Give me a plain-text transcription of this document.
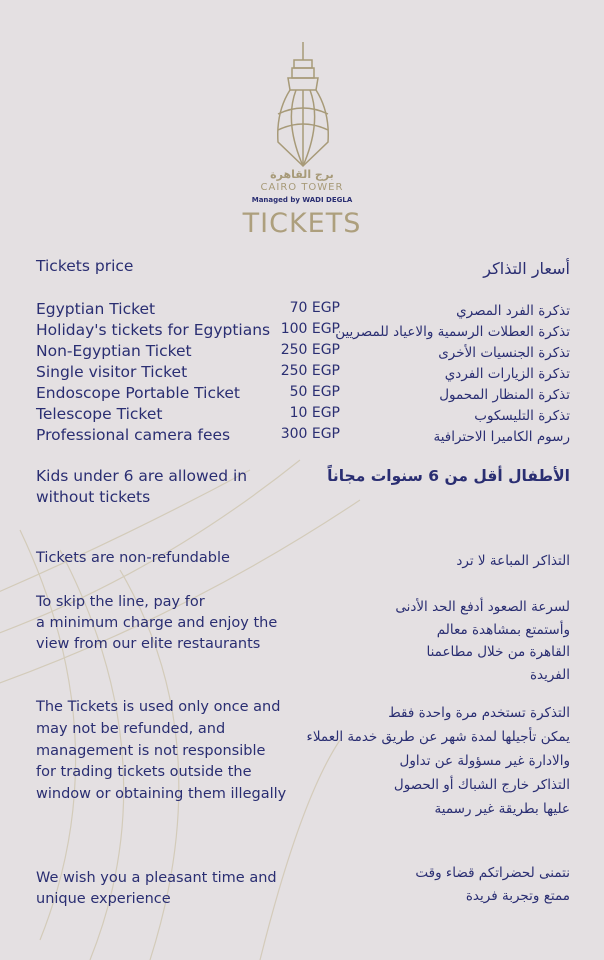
برج القاهرة
CAIRO TOWER
Managed by WADI DEGLA
TICKETS
Tickets price	أسعار التذاكر
Egyptian Ticket
Holiday's tickets for Egyptians
Non-Egyptian Ticket
Single visitor Ticket
Endoscope Portable Ticket
Telescope Ticket
Professional camera fees
70 EGP
100 EGP
250 EGP
250 EGP
50 EGP
10 EGP
300 EGP
تذكرة الفرد المصري
تذكرة العطلات الرسمية والاعياد للمصريين
تذكرة الجنسيات الأخرى
تذكرة الزيارات الفردي
تذكرة المنظار المحمول
تذكرة التليسكوب
رسوم الكاميرا الاحترافية
Kids under 6 are allowed in
without tickets
الأطفال أقل من 6 سنوات مجاناً
Tickets are non-refundable	التذاكر المباعة لا ترد
To skip the line, pay for
a minimum charge and enjoy the
view from our elite restaurants
لسرعة الصعود أدفع الحد الأدنى
وأستمتع بمشاهدة معالم
القاهرة من خلال مطاعمنا
الفريدة
The Tickets is used only once and
may not be refunded, and
management is not responsible
for trading tickets outside the
window or obtaining them illegally
التذكرة تستخدم مرة واحدة فقط
يمكن تأجيلها لمدة شهر عن طريق خدمة العملاء
والادارة غير مسؤولة عن تداول
التذاكر خارج الشباك أو الحصول
عليها بطريقة غير رسمية
We wish you a pleasant time and
unique experience
نتمنى لحضراتكم قضاء وقت
ممتع وتجربة فريدة
